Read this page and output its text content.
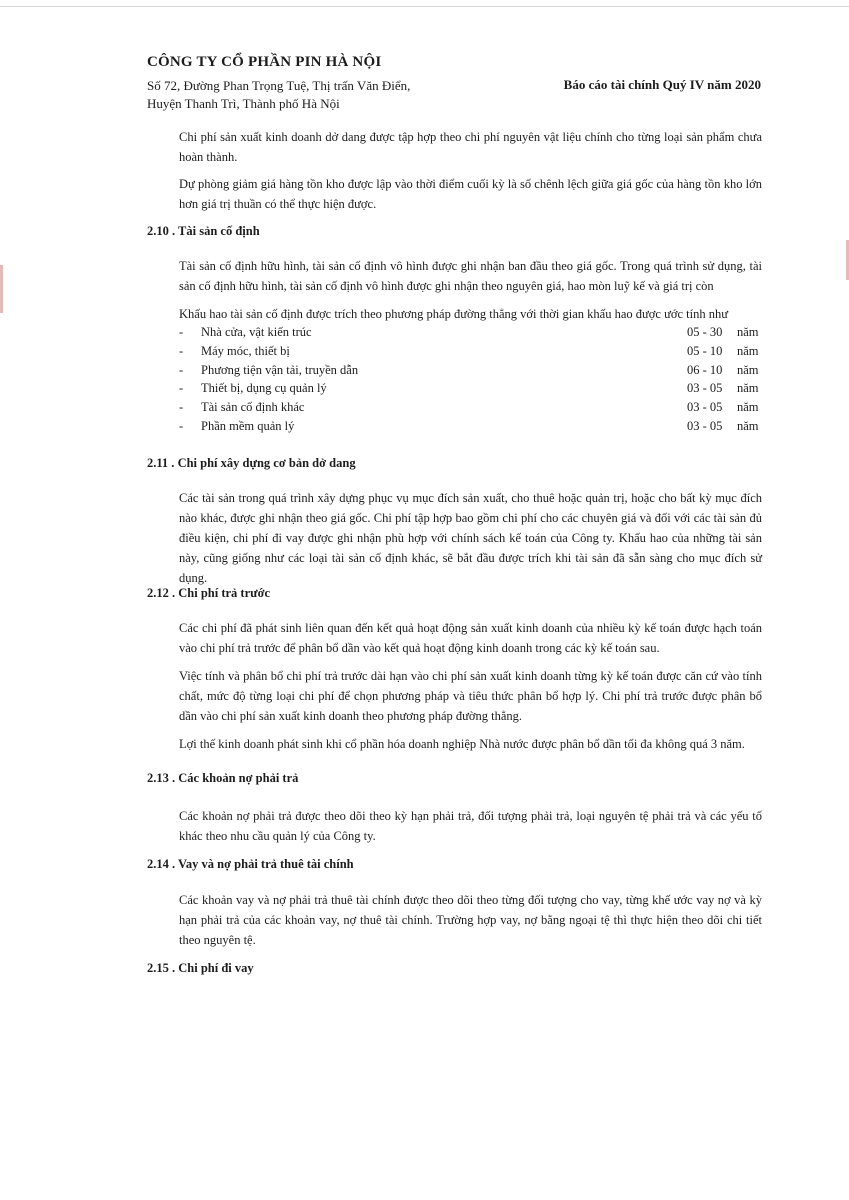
CÔNG TY CỔ PHẦN PIN HÀ NỘI
Số 72, Đường Phan Trọng Tuệ, Thị trấn Văn Điển,
Huyện Thanh Trì, Thành phố Hà Nội
Báo cáo tài chính Quý IV năm 2020
Chi phí sản xuất kinh doanh dở dang được tập hợp theo chi phí nguyên vật liệu chính cho từng loại sản phẩm chưa hoàn thành.
Dự phòng giảm giá hàng tồn kho được lập vào thời điểm cuối kỳ là số chênh lệch giữa giá gốc của hàng tồn kho lớn hơn giá trị thuần có thể thực hiện được.
2.10 . Tài sản cố định
Tài sản cố định hữu hình, tài sản cố định vô hình được ghi nhận ban đầu theo giá gốc. Trong quá trình sử dụng, tài sản cố định hữu hình, tài sản cố định vô hình được ghi nhận theo nguyên giá, hao mòn luỹ kế và giá trị còn
Khấu hao tài sản cố định được trích theo phương pháp đường thẳng với thời gian khấu hao được ước tính như
- Nhà cửa, vật kiến trúc	05 - 30 năm
- Máy móc, thiết bị	05 - 10 năm
- Phương tiện vận tải, truyền dẫn	06 - 10 năm
- Thiết bị, dụng cụ quản lý	03 - 05 năm
- Tài sản cố định khác	03 - 05 năm
- Phần mềm quản lý	03 - 05 năm
2.11 . Chi phí xây dựng cơ bản dở dang
Các tài sản trong quá trình xây dựng phục vụ mục đích sản xuất, cho thuê hoặc quản trị, hoặc cho bất kỳ mục đích nào khác, được ghi nhận theo giá gốc. Chi phí tập hợp bao gồm chi phí cho các chuyên giá và đối với các tài sản đủ điều kiện, chi phí đi vay được ghi nhận phù hợp với chính sách kế toán của Công ty. Khấu hao của những tài sản này, cũng giống như các loại tài sản cố định khác, sẽ bắt đầu được trích khi tài sản đã sẵn sàng cho mục đích sử dụng.
2.12 . Chi phí trả trước
Các chi phí đã phát sinh liên quan đến kết quả hoạt động sản xuất kinh doanh của nhiều kỳ kế toán được hạch toán vào chi phí trả trước để phân bổ dần vào kết quả hoạt động kinh doanh trong các kỳ kế toán sau.
Việc tính và phân bổ chi phí trả trước dài hạn vào chi phí sản xuất kinh doanh từng kỳ kế toán được căn cứ vào tính chất, mức độ từng loại chi phí để chọn phương pháp và tiêu thức phân bổ hợp lý. Chi phí trả trước được phân bổ dần vào chi phí sản xuất kinh doanh theo phương pháp đường thẳng.
Lợi thế kinh doanh phát sinh khi cổ phần hóa doanh nghiệp Nhà nước được phân bổ dần tối đa không quá 3 năm.
2.13 . Các khoản nợ phải trả
Các khoản nợ phải trả được theo dõi theo kỳ hạn phải trả, đối tượng phải trả, loại nguyên tệ phải trả và các yếu tố khác theo nhu cầu quản lý của Công ty.
2.14 . Vay và nợ phải trả thuê tài chính
Các khoản vay và nợ phải trả thuê tài chính được theo dõi theo từng đối tượng cho vay, từng khế ước vay nợ và kỳ hạn phải trả của các khoản vay, nợ thuê tài chính. Trường hợp vay, nợ bằng ngoại tệ thì thực hiện theo dõi chi tiết theo nguyên tệ.
2.15 . Chi phí đi vay
